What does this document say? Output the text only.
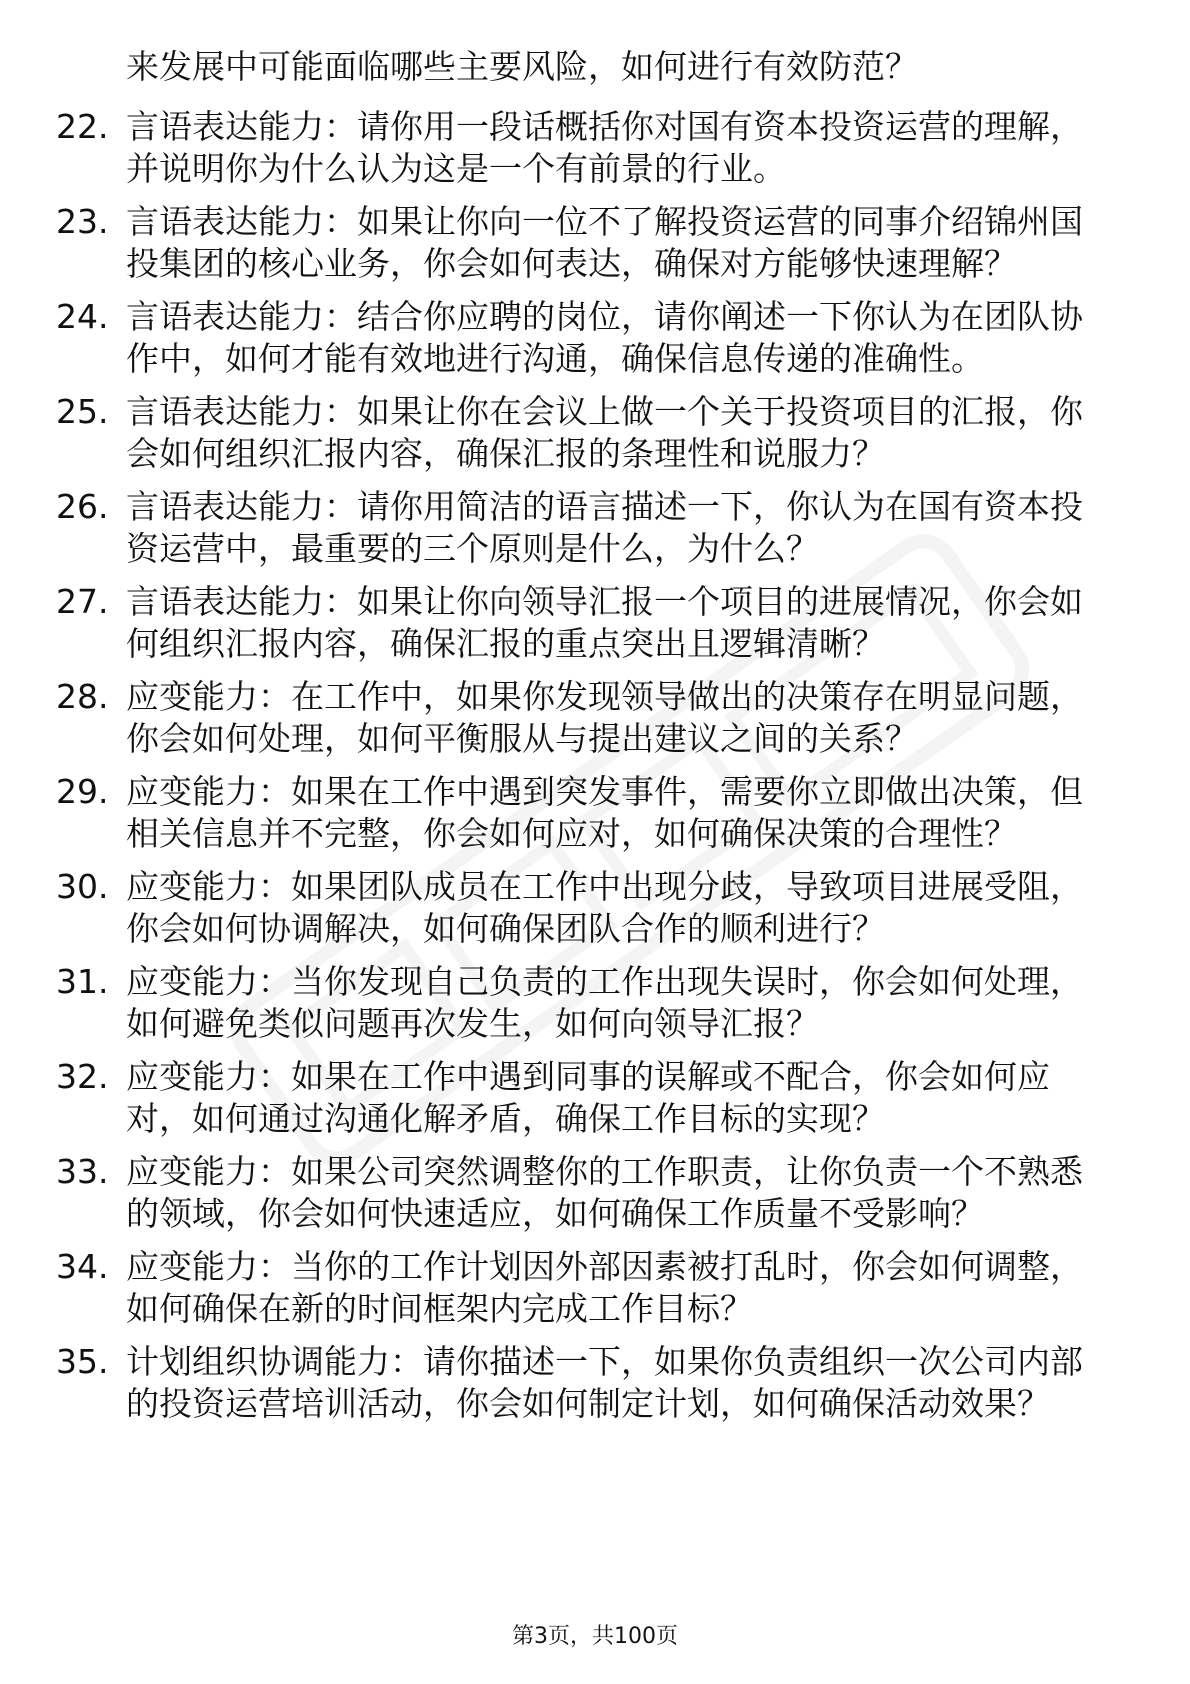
来发展中可能面临哪些主要风险，如何进行有效防范？
22. 言语表达能力：请你用一段话概括你对国有资本投资运营的理解，并说明你为什么认为这是一个有前景的行业。
23. 言语表达能力：如果让你向一位不了解投资运营的同事介绍锦州国投集团的核心业务，你会如何表达，确保对方能够快速理解？
24. 言语表达能力：结合你应聘的岗位，请你阐述一下你认为在团队协作中，如何才能有效地进行沟通，确保信息传递的准确性。
25. 言语表达能力：如果让你在会议上做一个关于投资项目的汇报，你会如何组织汇报内容，确保汇报的条理性和说服力？
26. 言语表达能力：请你用简洁的语言描述一下，你认为在国有资本投资运营中，最重要的三个原则是什么，为什么？
27. 言语表达能力：如果让你向领导汇报一个项目的进展情况，你会如何组织汇报内容，确保汇报的重点突出且逻辑清晰？
28. 应变能力：在工作中，如果你发现领导做出的决策存在明显问题，你会如何处理，如何平衡服从与提出建议之间的关系？
29. 应变能力：如果在工作中遇到突发事件，需要你立即做出决策，但相关信息并不完整，你会如何应对，如何确保决策的合理性？
30. 应变能力：如果团队成员在工作中出现分歧，导致项目进展受阻，你会如何协调解决，如何确保团队合作的顺利进行？
31. 应变能力：当你发现自己负责的工作出现失误时，你会如何处理，如何避免类似问题再次发生，如何向领导汇报？
32. 应变能力：如果在工作中遇到同事的误解或不配合，你会如何应对，如何通过沟通化解矛盾，确保工作目标的实现？
33. 应变能力：如果公司突然调整你的工作职责，让你负责一个不熟悉的领域，你会如何快速适应，如何确保工作质量不受影响？
34. 应变能力：当你的工作计划因外部因素被打乱时，你会如何调整，如何确保在新的时间框架内完成工作目标？
35. 计划组织协调能力：请你描述一下，如果你负责组织一次公司内部的投资运营培训活动，你会如何制定计划，如何确保活动效果？
第3页，共100页
